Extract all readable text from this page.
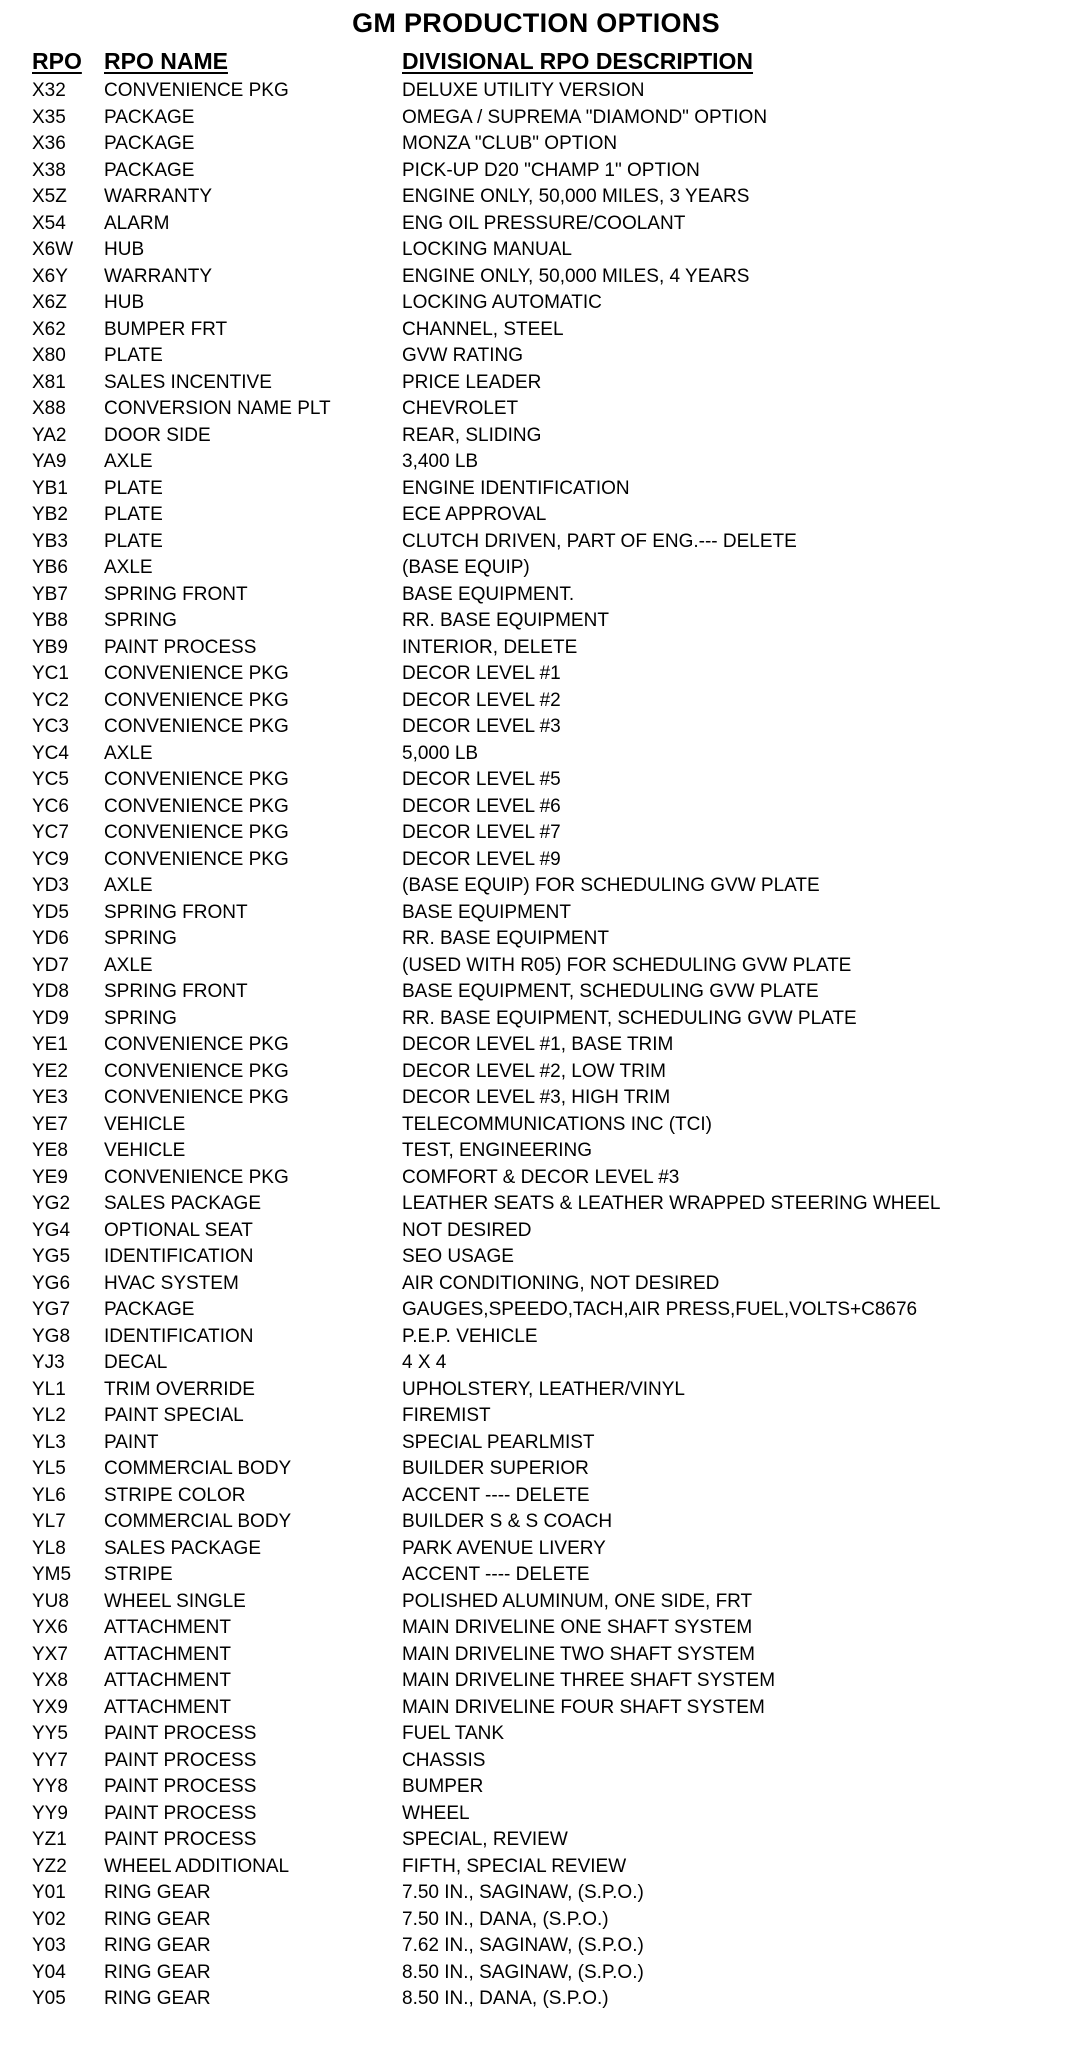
GM PRODUCTION OPTIONS
RPO RPO NAME	DIVISIONAL RPO DESCRIPTION
X32 CONVENIENCE PKG	DELUXE UTILITY VERSION
X35 PACKAGE	OMEGA / SUPREMA "DIAMOND" OPTION
X36 PACKAGE	MONZA "CLUB" OPTION
X38 PACKAGE	PICK-UP D20 "CHAMP 1" OPTION
X5Z WARRANTY	ENGINE ONLY, 50,000 MILES, 3 YEARS
X54 ALARM	ENG OIL PRESSURE/COOLANT
X6W HUB	LOCKING MANUAL
X6Y WARRANTY	ENGINE ONLY, 50,000 MILES, 4 YEARS
X6Z HUB	LOCKING AUTOMATIC
X62 BUMPER FRT	CHANNEL, STEEL
X80 PLATE	GVW RATING
X81 SALES INCENTIVE	PRICE LEADER
X88 CONVERSION NAME PLT	CHEVROLET
YA2 DOOR SIDE	REAR, SLIDING
YA9 AXLE	3,400 LB
YB1 PLATE	ENGINE IDENTIFICATION
YB2 PLATE	ECE APPROVAL
YB3 PLATE	CLUTCH DRIVEN, PART OF ENG.--- DELETE
YB6 AXLE	(BASE EQUIP)
YB7 SPRING FRONT	BASE EQUIPMENT.
YB8 SPRING	RR. BASE EQUIPMENT
YB9 PAINT PROCESS	INTERIOR, DELETE
YC1 CONVENIENCE PKG	DECOR LEVEL #1
YC2 CONVENIENCE PKG	DECOR LEVEL #2
YC3 CONVENIENCE PKG	DECOR LEVEL #3
YC4 AXLE	5,000 LB
YC5 CONVENIENCE PKG	DECOR LEVEL #5
YC6 CONVENIENCE PKG	DECOR LEVEL #6
YC7 CONVENIENCE PKG	DECOR LEVEL #7
YC9 CONVENIENCE PKG	DECOR LEVEL #9
YD3 AXLE	(BASE EQUIP) FOR SCHEDULING GVW PLATE
YD5 SPRING FRONT	BASE EQUIPMENT
YD6 SPRING	RR. BASE EQUIPMENT
YD7 AXLE	(USED WITH R05) FOR SCHEDULING GVW PLATE
YD8 SPRING FRONT	BASE EQUIPMENT, SCHEDULING GVW PLATE
YD9 SPRING	RR. BASE EQUIPMENT, SCHEDULING GVW PLATE
YE1 CONVENIENCE PKG	DECOR LEVEL #1, BASE TRIM
YE2 CONVENIENCE PKG	DECOR LEVEL #2, LOW TRIM
YE3 CONVENIENCE PKG	DECOR LEVEL #3, HIGH TRIM
YE7 VEHICLE	TELECOMMUNICATIONS INC (TCI)
YE8 VEHICLE	TEST, ENGINEERING
YE9 CONVENIENCE PKG	COMFORT & DECOR LEVEL #3
YG2 SALES PACKAGE	LEATHER SEATS & LEATHER WRAPPED STEERING WHEEL
YG4 OPTIONAL SEAT	NOT DESIRED
YG5 IDENTIFICATION	SEO USAGE
YG6 HVAC SYSTEM	AIR CONDITIONING, NOT DESIRED
YG7 PACKAGE	GAUGES,SPEEDO,TACH,AIR PRESS,FUEL,VOLTS+C8676
YG8 IDENTIFICATION	P.E.P. VEHICLE
YJ3 DECAL	4 X 4
YL1 TRIM OVERRIDE	UPHOLSTERY, LEATHER/VINYL
YL2 PAINT SPECIAL	FIREMIST
YL3 PAINT	SPECIAL PEARLMIST
YL5 COMMERCIAL BODY	BUILDER SUPERIOR
YL6 STRIPE COLOR	ACCENT ---- DELETE
YL7 COMMERCIAL BODY	BUILDER S & S COACH
YL8 SALES PACKAGE	PARK AVENUE LIVERY
YM5 STRIPE	ACCENT ---- DELETE
YU8 WHEEL SINGLE	POLISHED ALUMINUM, ONE SIDE, FRT
YX6 ATTACHMENT	MAIN DRIVELINE ONE SHAFT SYSTEM
YX7 ATTACHMENT	MAIN DRIVELINE TWO SHAFT SYSTEM
YX8 ATTACHMENT	MAIN DRIVELINE THREE SHAFT SYSTEM
YX9 ATTACHMENT	MAIN DRIVELINE FOUR SHAFT SYSTEM
YY5 PAINT PROCESS	FUEL TANK
YY7 PAINT PROCESS	CHASSIS
YY8 PAINT PROCESS	BUMPER
YY9 PAINT PROCESS	WHEEL
YZ1 PAINT PROCESS	SPECIAL, REVIEW
YZ2 WHEEL ADDITIONAL	FIFTH, SPECIAL REVIEW
Y01 RING GEAR	7.50 IN., SAGINAW, (S.P.O.)
Y02 RING GEAR	7.50 IN., DANA, (S.P.O.)
Y03 RING GEAR	7.62 IN., SAGINAW, (S.P.O.)
Y04 RING GEAR	8.50 IN., SAGINAW, (S.P.O.)
Y05 RING GEAR	8.50 IN., DANA, (S.P.O.)
